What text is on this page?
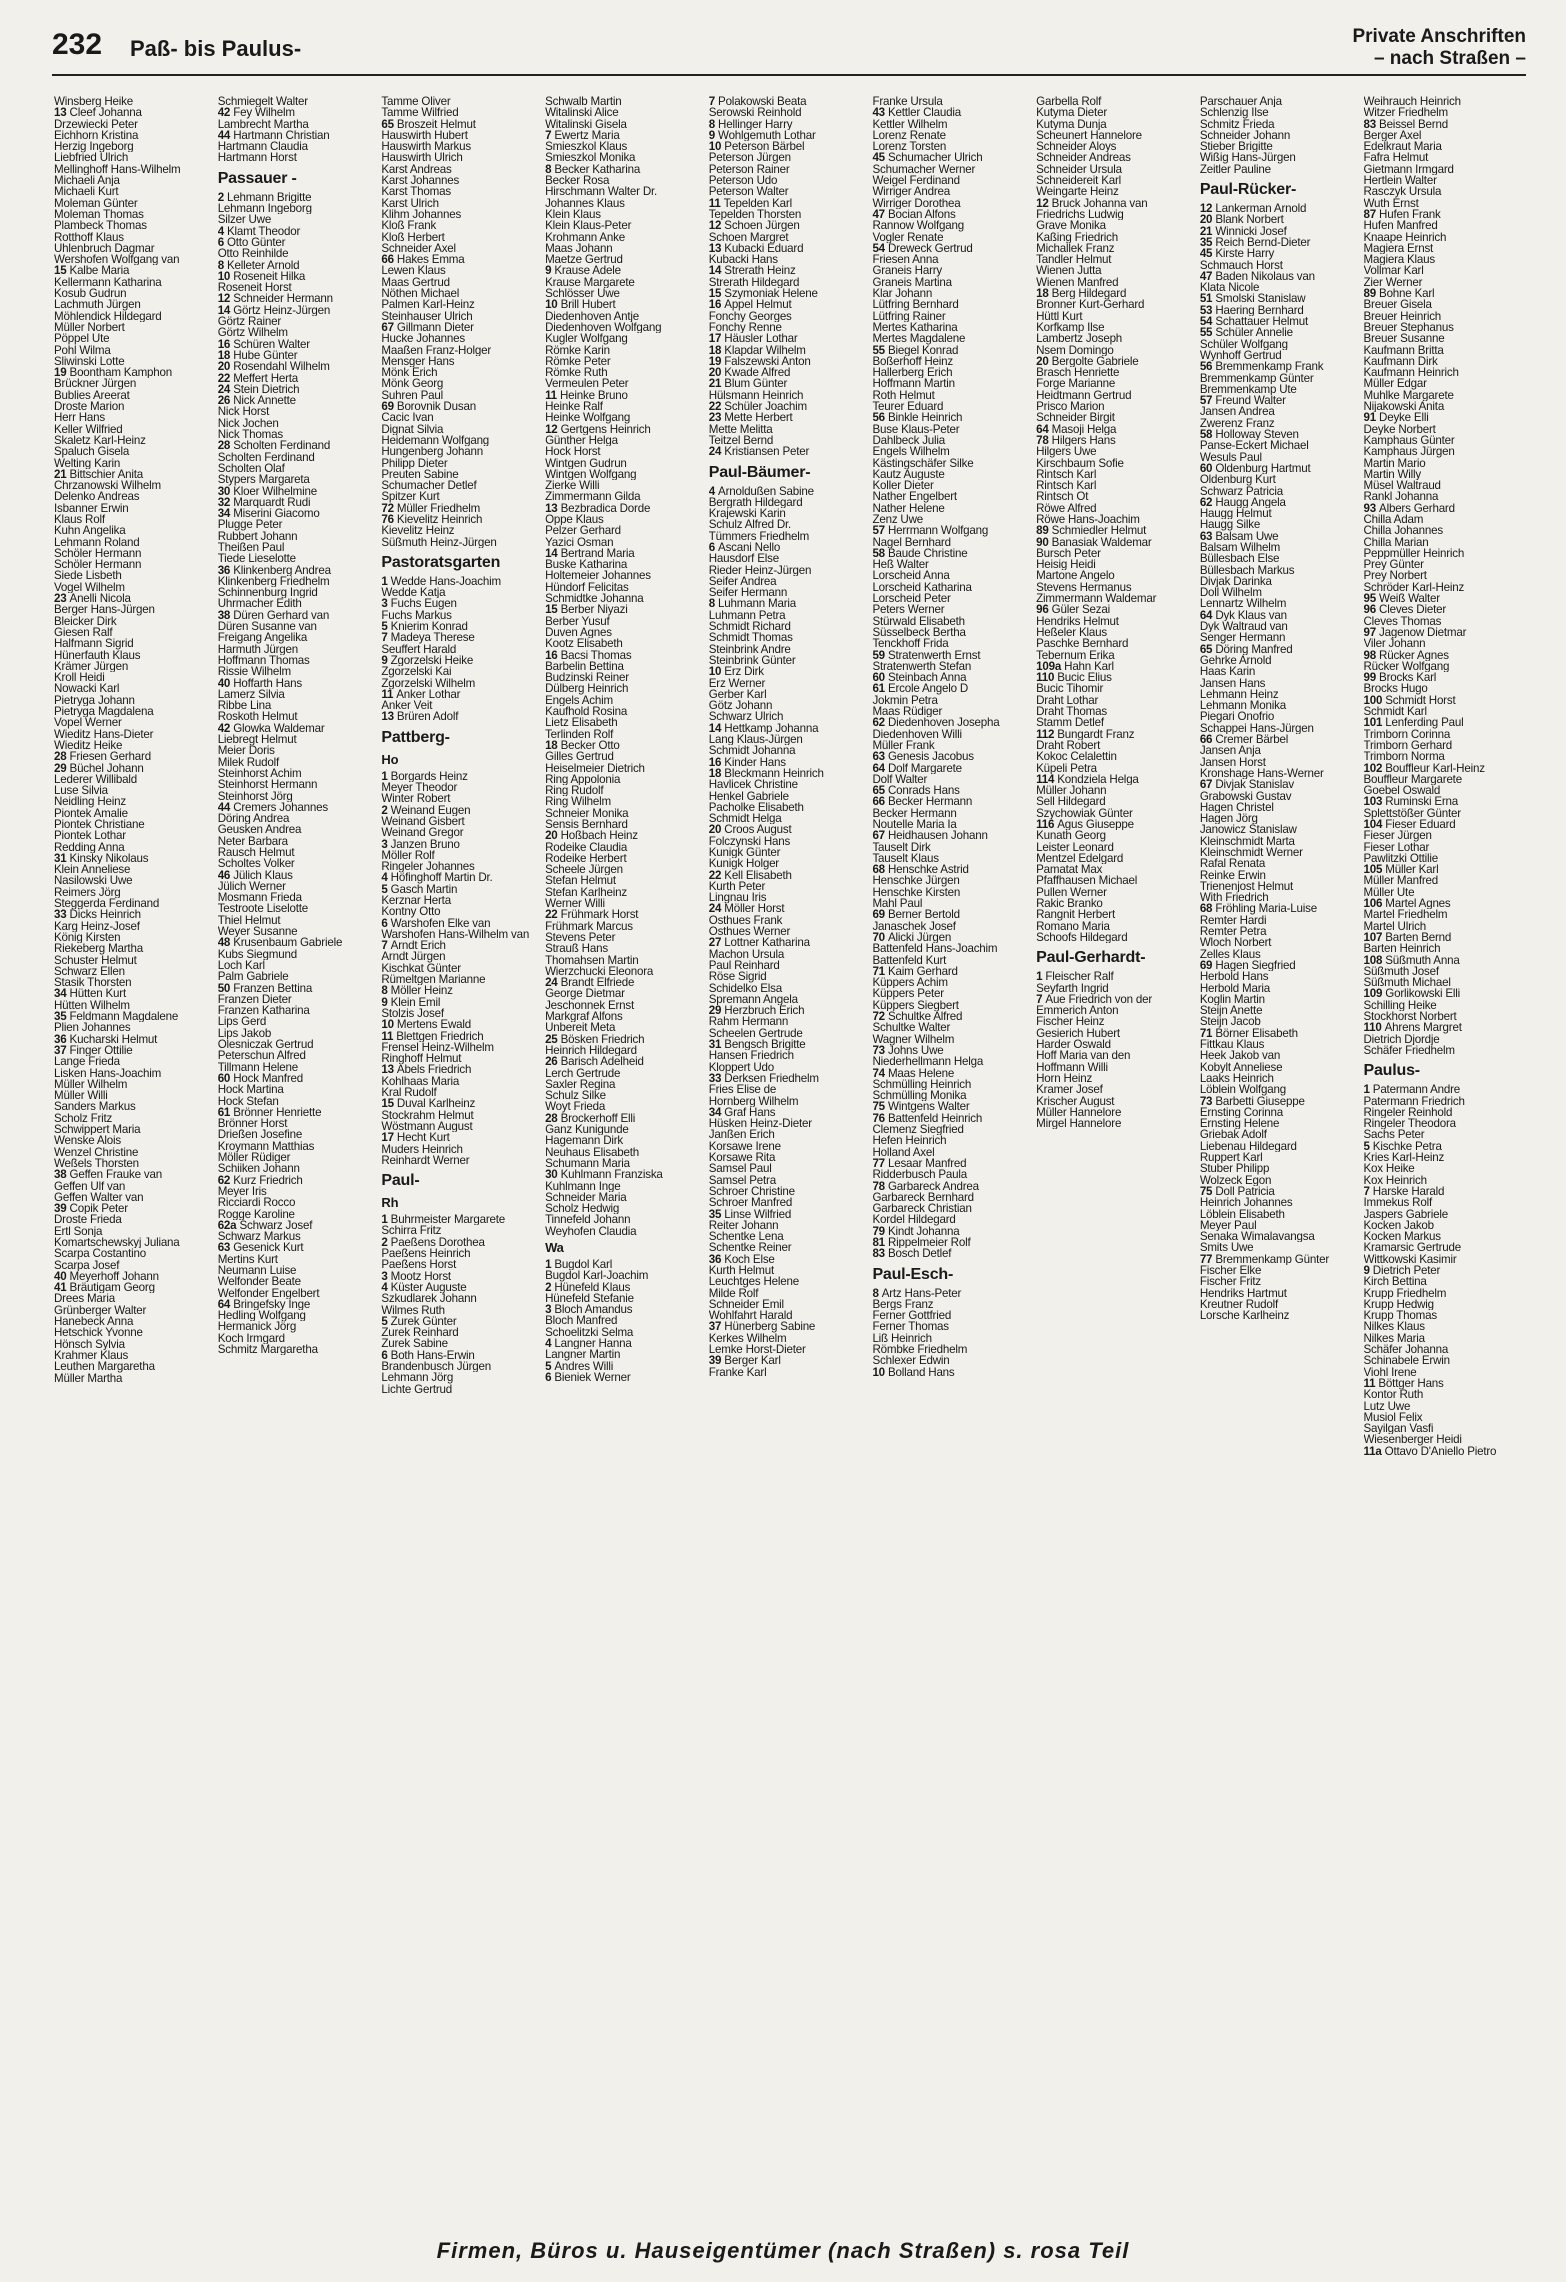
232 Paß- bis Paulus-	Private Anschriften
– nach Straßen –
Winsberg Heike
13 Cleef Johanna
Drzewiecki Peter
Eichhorn Kristina
Herzig Ingeborg
Liebfried Ulrich
Mellinghoff Hans-Wilhelm
Michaeli Anja
Michaeli Kurt
Moleman Günter
Moleman Thomas
Plambeck Thomas
Rotthoff Klaus
Uhlenbruch Dagmar
Wershofen Wolfgang van
15 Kalbe Maria
Kellermann Katharina
Kosub Gudrun
Lachmuth Jürgen
Möhlendick Hildegard
Müller Norbert
Pöppel Ute
Pohl Wilma
Sliwinski Lotte
19 Boontham Kamphon
Brückner Jürgen
Bublies Areerat
Droste Marion
Herr Hans
Keller Wilfried
Skaletz Karl-Heinz
Spaluch Gisela
Welting Karin
21 Bittschier Anita
Chrzanowski Wilhelm
Delenko Andreas
Isbanner Erwin
Klaus Rolf
Kuhn Angelika
Lehmann Roland
Schöler Hermann
Schöler Hermann
Siede Lisbeth
Vogel Wilhelm
23 Anelli Nicola
Berger Hans-Jürgen
Bleicker Dirk
Giesen Ralf
Halfmann Sigrid
Hünerfauth Klaus
Krämer Jürgen
Kroll Heidi
Nowacki Karl
Pietryga Johann
Pietryga Magdalena
Vopel Werner
Wieditz Hans-Dieter
Wieditz Heike
28 Friesen Gerhard
29 Büchel Johann
Lederer Willibald
Luse Silvia
Neidling Heinz
Piontek Amalie
Piontek Christiane
Piontek Lothar
Redding Anna
31 Kinsky Nikolaus
Klein Anneliese
Nasilowski Uwe
Reimers Jörg
Steggerda Ferdinand
33 Dicks Heinrich
Karg Heinz-Josef
König Kirsten
Riekeberg Martha
Schuster Helmut
Schwarz Ellen
Stasik Thorsten
34 Hütten Kurt
Hütten Wilhelm
35 Feldmann Magdalene
Plien Johannes
36 Kucharski Helmut
37 Finger Ottilie
Lange Frieda
Lisken Hans-Joachim
Müller Wilhelm
Müller Willi
Sanders Markus
Scholz Fritz
Schwippert Maria
Wenske Alois
Wenzel Christine
Weßels Thorsten
38 Geffen Frauke van
Geffen Ulf van
Geffen Walter van
39 Copik Peter
Droste Frieda
Ertl Sonja
Komartschewskyj Juliana
Scarpa Costantino
Scarpa Josef
40 Meyerhoff Johann
41 Bräutigam Georg
Drees Maria
Grünberger Walter
Hanebeck Anna
Hetschick Yvonne
Hönsch Sylvia
Krahmer Klaus
Leuthen Margaretha
Müller Martha
Schmiegelt Walter
42 Fey Wilhelm
Lambrecht Martha
44 Hartmann Christian
Hartmann Claudia
Hartmann Horst
Passauer -
2 Lehmann Brigitte
Lehmann Ingeborg
Silzer Uwe
4 Klamt Theodor
6 Otto Günter
Otto Reinhilde
8 Kelleter Arnold
10 Roseneit Hilka
Roseneit Horst
12 Schneider Hermann
14 Görtz Heinz-Jürgen
Görtz Rainer
Görtz Wilhelm
16 Schüren Walter
18 Hube Günter
20 Rosendahl Wilhelm
22 Meffert Herta
24 Stein Dietrich
26 Nick Annette
Nick Horst
Nick Jochen
Nick Thomas
28 Scholten Ferdinand
Scholten Ferdinand
Scholten Olaf
Stypers Margareta
30 Kloer Wilhelmine
32 Marquardt Rudi
34 Miserini Giacomo
Plugge Peter
Rubbert Johann
Theißen Paul
Tiede Lieselotte
36 Klinkenberg Andrea
Klinkenberg Friedhelm
Schinnenburg Ingrid
Uhrmacher Edith
38 Düren Gerhard van
Düren Susanne van
Freigang Angelika
Harmuth Jürgen
Hoffmann Thomas
Rissie Wilhelm
40 Hoffarth Hans
Lamerz Silvia
Ribbe Lina
Roskoth Helmut
42 Glowka Waldemar
Liebregt Helmut
Meier Doris
Milek Rudolf
Steinhorst Achim
Steinhorst Hermann
Steinhorst Jörg
44 Cremers Johannes
Döring Andrea
Geusken Andrea
Neter Barbara
Rausch Helmut
Scholtes Volker
46 Jülich Klaus
Jülich Werner
Mosmann Frieda
Testroote Liselotte
Thiel Helmut
Weyer Susanne
48 Krusenbaum Gabriele
Kubs Siegmund
Loch Karl
Palm Gabriele
50 Franzen Bettina
Franzen Dieter
Franzen Katharina
Lips Gerd
Lips Jakob
Olesniczak Gertrud
Peterschun Alfred
Tillmann Helene
60 Hock Manfred
Hock Martina
Hock Stefan
61 Brönner Henriette
Brönner Horst
Drießen Josefine
Kroymann Matthias
Möller Rüdiger
Schiiken Johann
62 Kurz Friedrich
Meyer Iris
Ricciardi Rocco
Rogge Karoline
62a Schwarz Josef
Schwarz Markus
63 Gesenick Kurt
Mertins Kurt
Neumann Luise
Welfonder Beate
Welfonder Engelbert
64 Bringefsky Inge
Hedling Wolfgang
Hermanick Jörg
Koch Irmgard
Schmitz Margaretha
Tamme Oliver
Tamme Wilfried
65 Broszeit Helmut
Hauswirth Hubert
Hauswirth Markus
Hauswirth Ulrich
Karst Andreas
Karst Johannes
Karst Thomas
Karst Ulrich
Klihm Johannes
Kloß Frank
Kloß Herbert
Schneider Axel
66 Hakes Emma
Lewen Klaus
Maas Gertrud
Nöthen Michael
Palmen Karl-Heinz
Steinhauser Ulrich
67 Gillmann Dieter
Hucke Johannes
Maaßen Franz-Holger
Mensger Hans
Mönk Erich
Mönk Georg
Suhren Paul
69 Borovnik Dusan
Cacic Ivan
Dignat Silvia
Heidemann Wolfgang
Hungenberg Johann
Philipp Dieter
Preuten Sabine
Schumacher Detlef
Spitzer Kurt
72 Müller Friedhelm
76 Kievelitz Heinrich
Kievelitz Heinz
Süßmuth Heinz-Jürgen
Pastoratsgarten
1 Wedde Hans-Joachim
Wedde Katja
3 Fuchs Eugen
Fuchs Markus
5 Knierim Konrad
7 Madeya Therese
Seuffert Harald
9 Zgorzelski Heike
Zgorzelski Kai
Zgorzelski Wilhelm
11 Anker Lothar
Anker Veit
13 Brüren Adolf
Pattberg-
Ho
1 Borgards Heinz
Meyer Theodor
Winter Robert
2 Weinand Eugen
Weinand Gisbert
Weinand Gregor
3 Janzen Bruno
Möller Rolf
Ringeler Johannes
4 Höfinghoff Martin Dr.
5 Gasch Martin
Kerznar Herta
Kontny Otto
6 Warshofen Elke van
Warshofen Hans-Wilhelm van
7 Arndt Erich
Arndt Jürgen
Kischkat Günter
Rümeltgen Marianne
8 Möller Heinz
9 Klein Emil
Stolzis Josef
10 Mertens Ewald
11 Blettgen Friedrich
Frensel Heinz-Wilhelm
Ringhoff Helmut
13 Abels Friedrich
Kohlhaas Maria
Kral Rudolf
15 Duval Karlheinz
Stockrahm Helmut
Wöstmann August
17 Hecht Kurt
Muders Heinrich
Reinhardt Werner
Paul-
Rh
1 Buhrmeister Margarete
Schirra Fritz
2 Paeßens Dorothea
Paeßens Heinrich
Paeßens Horst
3 Mootz Horst
4 Küster Auguste
Szkudlarek Johann
Wilmes Ruth
5 Zurek Günter
Zurek Reinhard
Zurek Sabine
6 Both Hans-Erwin
Brandenbusch Jürgen
Lehmann Jörg
Lichte Gertrud
Schwalb Martin
Witalinski Alice
Witalinski Gisela
7 Ewertz Maria
Smieszkol Klaus
Smieszkol Monika
8 Becker Katharina
Becker Rosa
Hirschmann Walter Dr.
Johannes Klaus
Klein Klaus
Klein Klaus-Peter
Krohmann Anke
Maas Johann
Maetze Gertrud
9 Krause Adele
Krause Margarete
Schlösser Uwe
10 Brill Hubert
Diedenhoven Antje
Diedenhoven Wolfgang
Kugler Wolfgang
Römke Karin
Römke Peter
Römke Ruth
Vermeulen Peter
11 Heinke Bruno
Heinke Ralf
Heinke Wolfgang
12 Gertgens Heinrich
Günther Helga
Hock Horst
Wintgen Gudrun
Wintgen Wolfgang
Zierke Willi
Zimmermann Gilda
13 Bezbradica Dorde
Oppe Klaus
Pelzer Gerhard
Yazici Osman
14 Bertrand Maria
Buske Katharina
Holtemeier Johannes
Hündorf Felicitas
Schmidtke Johanna
15 Berber Niyazi
Berber Yusuf
Duven Agnes
Kootz Elisabeth
16 Bacsi Thomas
Barbelin Bettina
Budzinski Reiner
Dülberg Heinrich
Engels Achim
Kaufhold Rosina
Lietz Elisabeth
Terlinden Rolf
18 Becker Otto
Gilles Gertrud
Heiselmeier Dietrich
Ring Appolonia
Ring Rudolf
Ring Wilhelm
Schneier Monika
Sensis Bernhard
20 Hoßbach Heinz
Rodeike Claudia
Rodeike Herbert
Scheele Jürgen
Stefan Helmut
Stefan Karlheinz
Werner Willi
22 Frühmark Horst
Frühmark Marcus
Stevens Peter
Strauß Hans
Thomahsen Martin
Wierzchucki Eleonora
24 Brandt Elfriede
George Dietmar
Jeschonnek Ernst
Markgraf Alfons
Unbereit Meta
25 Bösken Friedrich
Heinrich Hildegard
26 Barisch Adelheid
Lerch Gertrude
Saxler Regina
Schulz Silke
Woyt Frieda
28 Brockerhoff Elli
Ganz Kunigunde
Hagemann Dirk
Neuhaus Elisabeth
Schumann Maria
30 Kuhlmann Franziska
Kuhlmann Inge
Schneider Maria
Scholz Hedwig
Tinnefeld Johann
Weyhofen Claudia
Wa
1 Bugdol Karl
Bugdol Karl-Joachim
2 Hünefeld Klaus
Hünefeld Stefanie
3 Bloch Amandus
Bloch Manfred
Schoelitzki Selma
4 Langner Hanna
Langner Martin
5 Andres Willi
6 Bieniek Werner
7 Polakowski Beata
Serowski Reinhold
8 Hellinger Harry
9 Wohlgemuth Lothar
10 Peterson Bärbel
Peterson Jürgen
Peterson Rainer
Peterson Udo
Peterson Walter
11 Tepelden Karl
Tepelden Thorsten
12 Schoen Jürgen
Schoen Margret
13 Kubacki Eduard
Kubacki Hans
14 Strerath Heinz
Strerath Hildegard
15 Szymoniak Helene
16 Appel Helmut
Fonchy Georges
Fonchy Renne
17 Häusler Lothar
18 Klapdar Wilhelm
19 Falszewski Anton
20 Kwade Alfred
21 Blum Günter
Hülsmann Heinrich
22 Schüler Joachim
23 Mette Herbert
Mette Melitta
Teitzel Bernd
24 Kristiansen Peter
Paul-Bäumer-
4 Arnoldußen Sabine
Bergrath Hildegard
Krajewski Karin
Schulz Alfred Dr.
Tümmers Friedhelm
6 Ascani Nello
Hausdorf Else
Rieder Heinz-Jürgen
Seifer Andrea
Seifer Hermann
8 Luhmann Maria
Luhmann Petra
Schmidt Richard
Schmidt Thomas
Steinbrink Andre
Steinbrink Günter
10 Erz Dirk
Erz Werner
Gerber Karl
Götz Johann
Schwarz Ulrich
14 Hettkamp Johanna
Lang Klaus-Jürgen
Schmidt Johanna
16 Kinder Hans
18 Bleckmann Heinrich
Havlicek Christine
Henkel Gabriele
Pacholke Elisabeth
Schmidt Helga
20 Croos August
Folczynski Hans
Kunigk Günter
Kunigk Holger
22 Kell Elisabeth
Kurth Peter
Lingnau Iris
24 Möller Horst
Osthues Frank
Osthues Werner
27 Lottner Katharina
Machon Ursula
Paul Reinhard
Röse Sigrid
Schidelko Elsa
Spremann Angela
29 Herzbruch Erich
Rahm Hermann
Scheelen Gertrude
31 Bengsch Brigitte
Hansen Friedrich
Kloppert Udo
33 Derksen Friedhelm
Fries Elise de
Hornberg Wilhelm
34 Graf Hans
Hüsken Heinz-Dieter
Janßen Erich
Korsawe Irene
Korsawe Rita
Samsel Paul
Samsel Petra
Schroer Christine
Schroer Manfred
35 Linse Wilfried
Reiter Johann
Schentke Lena
Schentke Reiner
36 Koch Else
Kurth Helmut
Leuchtges Helene
Milde Rolf
Schneider Emil
Wohlfahrt Harald
37 Hünerberg Sabine
Kerkes Wilhelm
Lemke Horst-Dieter
39 Berger Karl
Franke Karl
Franke Ursula
43 Kettler Claudia
Kettler Wilhelm
Lorenz Renate
Lorenz Torsten
45 Schumacher Ulrich
Schumacher Werner
Weigel Ferdinand
Wirriger Andrea
Wirriger Dorothea
47 Bocian Alfons
Rannow Wolfgang
Vogler Renate
54 Dreweck Gertrud
Friesen Anna
Graneis Harry
Graneis Martina
Klar Johann
Lütfring Bernhard
Lütfring Rainer
Mertes Katharina
Mertes Magdalene
55 Biegel Konrad
Boßerhoff Heinz
Hallerberg Erich
Hoffmann Martin
Roth Helmut
Teurer Eduard
56 Binkle Heinrich
Buse Klaus-Peter
Dahlbeck Julia
Engels Wilhelm
Kästingschäfer Silke
Kautz Auguste
Koller Dieter
Nather Engelbert
Nather Helene
Zenz Uwe
57 Herrmann Wolfgang
Nagel Bernhard
58 Baude Christine
Heß Walter
Lorscheid Anna
Lorscheid Katharina
Lorscheid Peter
Peters Werner
Stürwald Elisabeth
Süsselbeck Bertha
Tenckhoff Frida
59 Stratenwerth Ernst
Stratenwerth Stefan
60 Steinbach Anna
61 Ercole Angelo D
Jokmin Petra
Maas Rüdiger
62 Diedenhoven Josepha
Diedenhoven Willi
Müller Frank
63 Genesis Jacobus
64 Dolf Margarete
Dolf Walter
65 Conrads Hans
66 Becker Hermann
Becker Hermann
Noutelle Maria Ia
67 Heidhausen Johann
Tauselt Dirk
Tauselt Klaus
68 Henschke Astrid
Henschke Jürgen
Henschke Kirsten
Mahl Paul
69 Berner Bertold
Janaschek Josef
70 Alicki Jürgen
Battenfeld Hans-Joachim
Battenfeld Kurt
71 Kaim Gerhard
Küppers Achim
Küppers Peter
Küppers Siegbert
72 Schultke Alfred
Schultke Walter
Wagner Wilhelm
73 Johns Uwe
Niederhellmann Helga
74 Maas Helene
Schmülling Heinrich
Schmülling Monika
75 Wintgens Walter
76 Battenfeld Heinrich
Clemenz Siegfried
Hefen Heinrich
Holland Axel
77 Lesaar Manfred
Ridderbusch Paula
78 Garbareck Andrea
Garbareck Bernhard
Garbareck Christian
Kordel Hildegard
79 Kindt Johanna
81 Rippelmeier Rolf
83 Bosch Detlef
Paul-Esch-
8 Artz Hans-Peter
Bergs Franz
Ferner Gottfried
Ferner Thomas
Liß Heinrich
Römbke Friedhelm
Schlexer Edwin
10 Bolland Hans
Garbella Rolf
Kutyma Dieter
Kutyma Dunja
Scheunert Hannelore
Schneider Aloys
Schneider Andreas
Schneider Ursula
Schneidereit Karl
Weingarte Heinz
12 Bruck Johanna van
Friedrichs Ludwig
Grave Monika
Kaßing Friedrich
Michallek Franz
Tandler Helmut
Wienen Jutta
Wienen Manfred
18 Berg Hildegard
Bronner Kurt-Gerhard
Hüttl Kurt
Korfkamp Ilse
Lambertz Joseph
Nsem Domingo
20 Bergolte Gabriele
Brasch Henriette
Forge Marianne
Heidtmann Gertrud
Prisco Marion
Schneider Birgit
64 Masoji Helga
78 Hilgers Hans
Hilgers Uwe
Kirschbaum Sofie
Rintsch Karl
Rintsch Karl
Rintsch Ot
Röwe Alfred
Röwe Hans-Joachim
89 Schmiedler Helmut
90 Banasiak Waldemar
Bursch Peter
Heisig Heidi
Martone Angelo
Stevens Hermanus
Zimmermann Waldemar
96 Güler Sezai
Hendriks Helmut
Heßeler Klaus
Paschke Bernhard
Tebernum Erika
109a Hahn Karl
110 Bucic Elius
Bucic Tihomir
Draht Lothar
Draht Thomas
Stamm Detlef
112 Bungardt Franz
Draht Robert
Kokoc Celalettin
Küpeli Petra
114 Kondziela Helga
Müller Johann
Sell Hildegard
Szychowiak Günter
116 Agus Giuseppe
Kunath Georg
Leister Leonard
Mentzel Edelgard
Pamatat Max
Pfaffhausen Michael
Pullen Werner
Rakic Branko
Rangnit Herbert
Romano Maria
Schoofs Hildegard
Paul-Gerhardt-
1 Fleischer Ralf
Seyfarth Ingrid
7 Aue Friedrich von der
Emmerich Anton
Fischer Heinz
Gesierich Hubert
Harder Oswald
Hoff Maria van den
Hoffmann Willi
Horn Heinz
Kramer Josef
Krischer August
Müller Hannelore
Mirgel Hannelore
Parschauer Anja
Schlenzig Ilse
Schmitz Frieda
Schneider Johann
Stieber Brigitte
Wißig Hans-Jürgen
Zeitler Pauline
Paul-Rücker-
12 Lankerman Arnold
20 Blank Norbert
21 Winnicki Josef
35 Reich Bernd-Dieter
45 Kirste Harry
Schmauch Horst
47 Baden Nikolaus van
Klata Nicole
51 Smolski Stanislaw
53 Haering Bernhard
54 Schattauer Helmut
55 Schüler Annelie
Schüler Wolfgang
Wynhoff Gertrud
56 Bremmenkamp Frank
Bremmenkamp Günter
Bremmenkamp Ute
57 Freund Walter
Jansen Andrea
Zwerenz Franz
58 Holloway Steven
Panse-Eckert Michael
Wesuls Paul
60 Oldenburg Hartmut
Oldenburg Kurt
Schwarz Patricia
62 Haugg Angela
Haugg Helmut
Haugg Silke
63 Balsam Uwe
Balsam Wilhelm
Büllesbach Else
Büllesbach Markus
Divjak Darinka
Doll Wilhelm
Lennartz Wilhelm
64 Dyk Klaus van
Dyk Waltraud van
Senger Hermann
65 Döring Manfred
Gehrke Arnold
Haas Karin
Jansen Hans
Lehmann Heinz
Lehmann Monika
Piegari Onofrio
Schappei Hans-Jürgen
66 Cremer Bärbel
Jansen Anja
Jansen Horst
Kronshage Hans-Werner
67 Divjak Stanislav
Grabowski Gustav
Hagen Christel
Hagen Jörg
Janowicz Stanislaw
Kleinschmidt Marta
Kleinschmidt Werner
Rafal Renata
Reinke Erwin
Trienenjost Helmut
With Friedrich
68 Fröhling Maria-Luise
Remter Hardi
Remter Petra
Wloch Norbert
Zelles Klaus
69 Hagen Siegfried
Herbold Hans
Herbold Maria
Koglin Martin
Steijn Anette
Steijn Jacob
71 Börner Elisabeth
Fittkau Klaus
Heek Jakob van
Kobylt Anneliese
Laaks Heinrich
Löblein Wolfgang
73 Barbetti Giuseppe
Ernsting Corinna
Ernsting Helene
Griebak Adolf
Liebenau Hildegard
Ruppert Karl
Stuber Philipp
Wolzeck Egon
75 Doll Patricia
Heinrich Johannes
Löblein Elisabeth
Meyer Paul
Senaka Wimalavangsa
Smits Uwe
77 Bremmenkamp Günter
Fischer Elke
Fischer Fritz
Hendriks Hartmut
Kreutner Rudolf
Lorsche Karlheinz
Weihrauch Heinrich
Witzer Friedhelm
83 Beissel Bernd
Berger Axel
Edelkraut Maria
Fafra Helmut
Gietmann Irmgard
Hertlein Walter
Rasczyk Ursula
Wuth Ernst
87 Hufen Frank
Hufen Manfred
Knaape Heinrich
Magiera Ernst
Magiera Klaus
Vollmar Karl
Zier Werner
89 Bohne Karl
Breuer Gisela
Breuer Heinrich
Breuer Stephanus
Breuer Susanne
Kaufmann Britta
Kaufmann Dirk
Kaufmann Heinrich
Müller Edgar
Muhlke Margarete
Nijakowski Anita
91 Deyke Elli
Deyke Norbert
Kamphaus Günter
Kamphaus Jürgen
Martin Mario
Martin Willy
Müsel Waltraud
Rankl Johanna
93 Albers Gerhard
Chilla Adam
Chilla Johannes
Chilla Marian
Peppmüller Heinrich
Prey Günter
Prey Norbert
Schröder Karl-Heinz
95 Weiß Walter
96 Cleves Dieter
Cleves Thomas
97 Jagenow Dietmar
Viler Johann
98 Rücker Agnes
Rücker Wolfgang
99 Brocks Karl
Brocks Hugo
100 Schmidt Horst
Schmidt Karl
101 Lenferding Paul
Trimborn Corinna
Trimborn Gerhard
Trimborn Norma
102 Bouffleur Karl-Heinz
Bouffleur Margarete
Goebel Oswald
103 Ruminski Erna
Splettstößer Günter
104 Fieser Eduard
Fieser Jürgen
Fieser Lothar
Pawlitzki Ottilie
105 Müller Karl
Müller Manfred
Müller Ute
106 Martel Agnes
Martel Friedhelm
Martel Ulrich
107 Barten Bernd
Barten Heinrich
108 Süßmuth Anna
Süßmuth Josef
Süßmuth Michael
109 Gorlikowski Elli
Schilling Heike
Stockhorst Norbert
110 Ahrens Margret
Dietrich Djordje
Schäfer Friedhelm
Paulus-
1 Patermann Andre
Patermann Friedrich
Ringeler Reinhold
Ringeler Theodora
Sachs Peter
5 Kischke Petra
Kries Karl-Heinz
Kox Heike
Kox Heinrich
7 Harske Harald
Immekus Rolf
Jaspers Gabriele
Kocken Jakob
Kocken Markus
Kramarsic Gertrude
Wittkowski Kasimir
9 Dietrich Peter
Kirch Bettina
Krupp Friedhelm
Krupp Hedwig
Krupp Thomas
Nilkes Klaus
Nilkes Maria
Schäfer Johanna
Schinabele Erwin
Viohl Irene
11 Böttger Hans
Kontor Ruth
Lutz Uwe
Musiol Felix
Sayilgan Vasfi
Wiesenberger Heidi
11a Ottavo D'Aniello Pietro
Firmen, Büros u. Hauseigentümer (nach Straßen) s. rosa Teil
